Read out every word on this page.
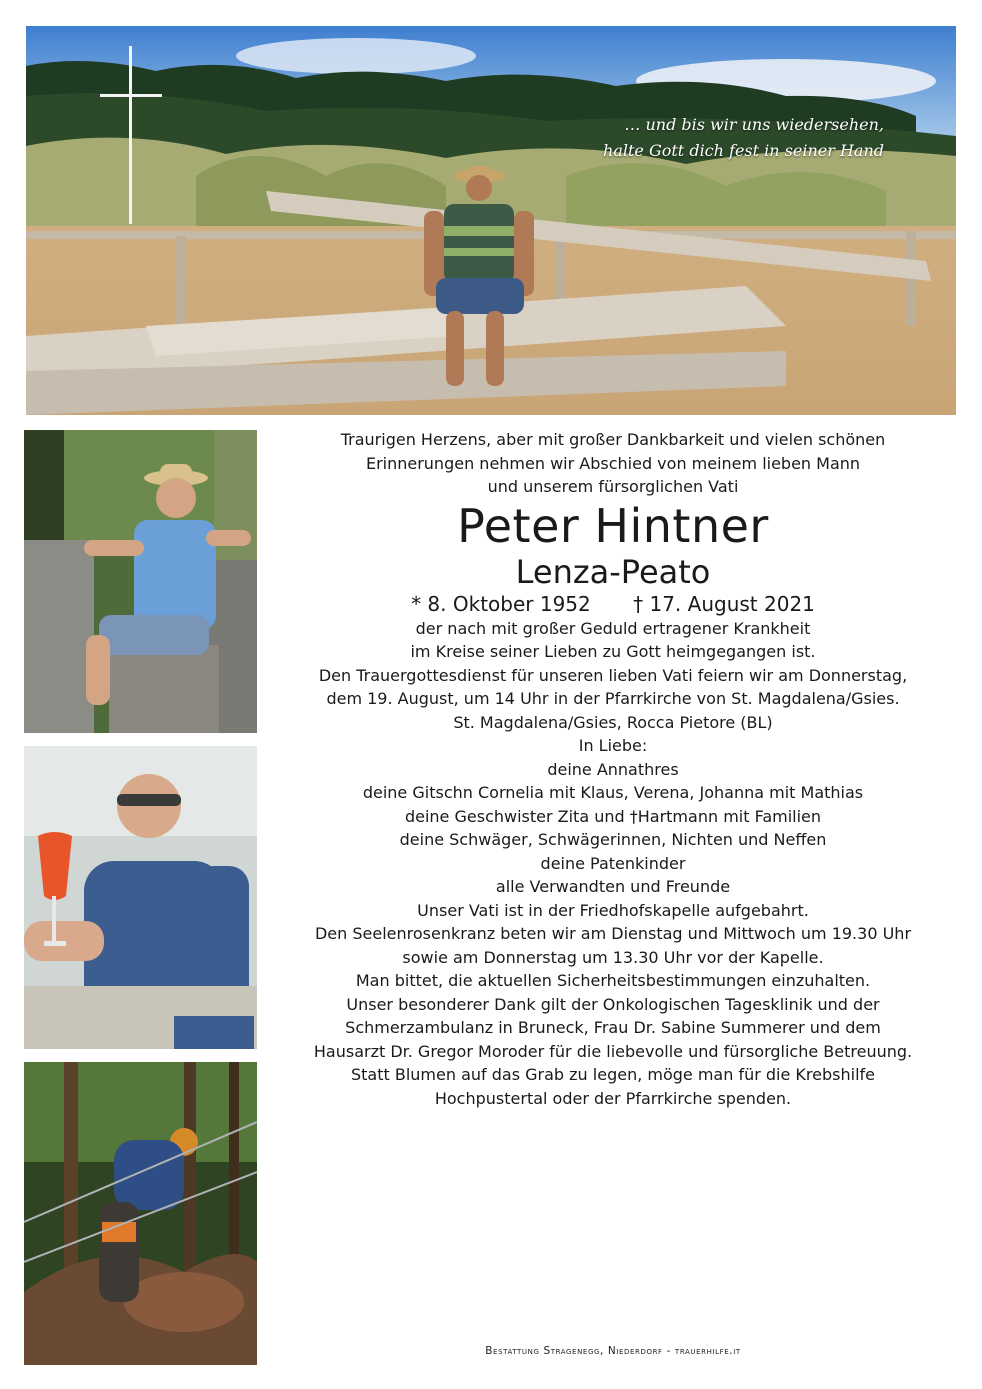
… und bis wir uns wiedersehen,
halte Gott dich fest in seiner Hand

Traurigen Herzens, aber mit großer Dankbarkeit und vielen schönen

Erinnerungen nehmen wir Abschied von meinem lieben Mann

und unserem fürsorglichen Vati

Peter Hintner

Lenza-Peato

* 8. Oktober 1952 † 17. August 2021

der nach mit großer Geduld ertragener Krankheit

im Kreise seiner Lieben zu Gott heimgegangen ist.

Den Trauergottesdienst für unseren lieben Vati feiern wir am Donnerstag,

dem 19. August, um 14 Uhr in der Pfarrkirche von St. Magdalena/Gsies.

St. Magdalena/Gsies, Rocca Pietore (BL)

In Liebe:

deine Annathres

deine Gitschn Cornelia mit Klaus, Verena, Johanna mit Mathias

deine Geschwister Zita und †Hartmann mit Familien

deine Schwäger, Schwägerinnen, Nichten und Neffen

deine Patenkinder

alle Verwandten und Freunde

Unser Vati ist in der Friedhofskapelle aufgebahrt.

Den Seelenrosenkranz beten wir am Dienstag und Mittwoch um 19.30 Uhr

sowie am Donnerstag um 13.30 Uhr vor der Kapelle.

Man bittet, die aktuellen Sicherheitsbestimmungen einzuhalten.

Unser besonderer Dank gilt der Onkologischen Tagesklinik und der

Schmerzambulanz in Bruneck, Frau Dr. Sabine Summerer und dem

Hausarzt Dr. Gregor Moroder für die liebevolle und fürsorgliche Betreuung.

Statt Blumen auf das Grab zu legen, möge man für die Krebshilfe

Hochpustertal oder der Pfarrkirche spenden.

Bestattung Stragenegg, Niederdorf - trauerhilfe.it
